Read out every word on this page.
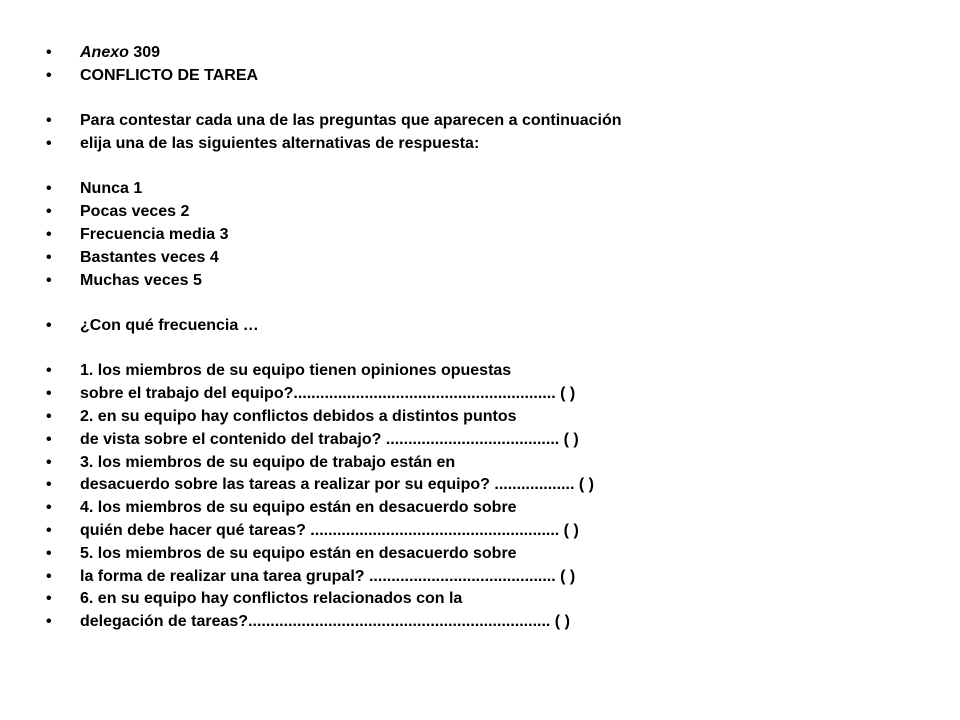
• Anexo 309
• CONFLICTO DE TAREA
• Para contestar cada una de las preguntas que aparecen a continuación
• elija una de las siguientes alternativas de respuesta:
• Nunca 1
• Pocas veces 2
• Frecuencia media 3
• Bastantes veces 4
• Muchas veces 5
• ¿Con qué frecuencia …
• 1. los miembros de su equipo tienen opiniones opuestas
• sobre el trabajo del equipo?........................................................... ( )
• 2. en su equipo hay conflictos debidos a distintos puntos
• de vista sobre el contenido del trabajo? ....................................... ( )
• 3. los miembros de su equipo de trabajo están en
• desacuerdo sobre las tareas a realizar por su equipo? .................. ( )
• 4. los miembros de su equipo están en desacuerdo sobre
• quién debe hacer qué tareas? ........................................................ ( )
• 5. los miembros de su equipo están en desacuerdo sobre
• la forma de realizar una tarea grupal? .......................................... ( )
• 6. en su equipo hay conflictos relacionados con la
• delegación de tareas?.................................................................... ( )
